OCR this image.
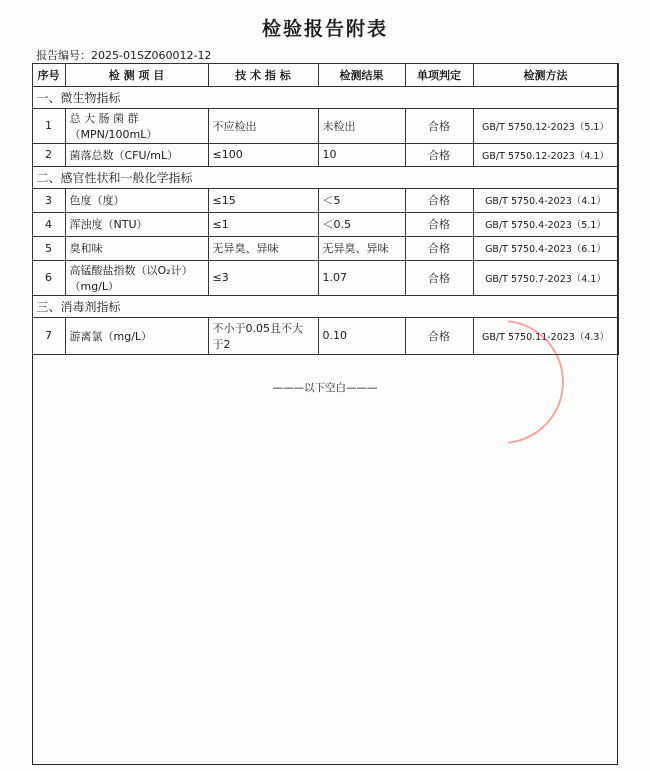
检验报告附表
报告编号：2025-01SZ060012-12
序号	检 测 项 目	技 术 指 标	检测结果	单项判定	检测方法
一、微生物指标					
1	总 大 肠 菌 群（MPN/100mL）	不应检出	未检出	合格	GB/T 5750.12-2023（5.1）
2	菌落总数（CFU/mL）	≤100	10	合格	GB/T 5750.12-2023（4.1）
二、感官性状和一般化学指标					
3	色度（度）	≤15	＜5	合格	GB/T 5750.4-2023（4.1）
4	浑浊度（NTU）	≤1	＜0.5	合格	GB/T 5750.4-2023（5.1）
5	臭和味	无异臭、异味	无异臭、异味	合格	GB/T 5750.4-2023（6.1）
6	高锰酸盐指数（以O₂计）（mg/L）	≤3	1.07	合格	GB/T 5750.7-2023（4.1）
三、消毒剂指标					
7	游离氯（mg/L）	不小于0.05且不大于2	0.10	合格	GB/T 5750.11-2023（4.3）
———以下空白———
